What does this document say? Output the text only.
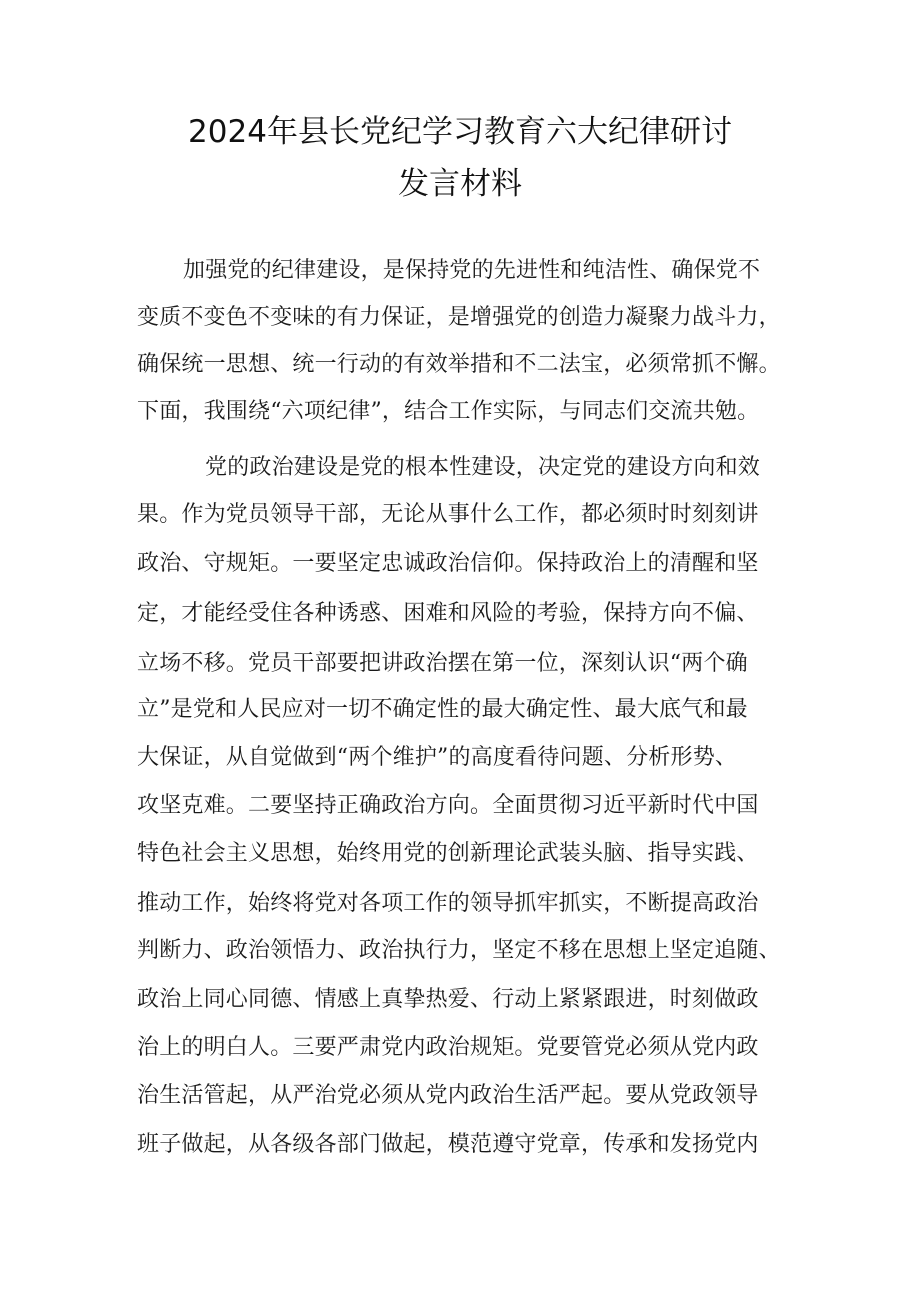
2024年县长党纪学习教育六大纪律研讨
发言材料
加强党的纪律建设，是保持党的先进性和纯洁性、确保党不
变质不变色不变味的有力保证，是增强党的创造力凝聚力战斗力，
确保统一思想、统一行动的有效举措和不二法宝，必须常抓不懈。
下面，我围绕“六项纪律”，结合工作实际，与同志们交流共勉。
党的政治建设是党的根本性建设，决定党的建设方向和效
果。作为党员领导干部，无论从事什么工作，都必须时时刻刻讲
政治、守规矩。一要坚定忠诚政治信仰。保持政治上的清醒和坚
定，才能经受住各种诱惑、困难和风险的考验，保持方向不偏、
立场不移。党员干部要把讲政治摆在第一位，深刻认识“两个确
立”是党和人民应对一切不确定性的最大确定性、最大底气和最
大保证，从自觉做到“两个维护”的高度看待问题、分析形势、
攻坚克难。二要坚持正确政治方向。全面贯彻习近平新时代中国
特色社会主义思想，始终用党的创新理论武装头脑、指导实践、
推动工作，始终将党对各项工作的领导抓牢抓实，不断提高政治
判断力、政治领悟力、政治执行力，坚定不移在思想上坚定追随、
政治上同心同德、情感上真挚热爱、行动上紧紧跟进，时刻做政
治上的明白人。三要严肃党内政治规矩。党要管党必须从党内政
治生活管起，从严治党必须从党内政治生活严起。要从党政领导
班子做起，从各级各部门做起，模范遵守党章，传承和发扬党内
